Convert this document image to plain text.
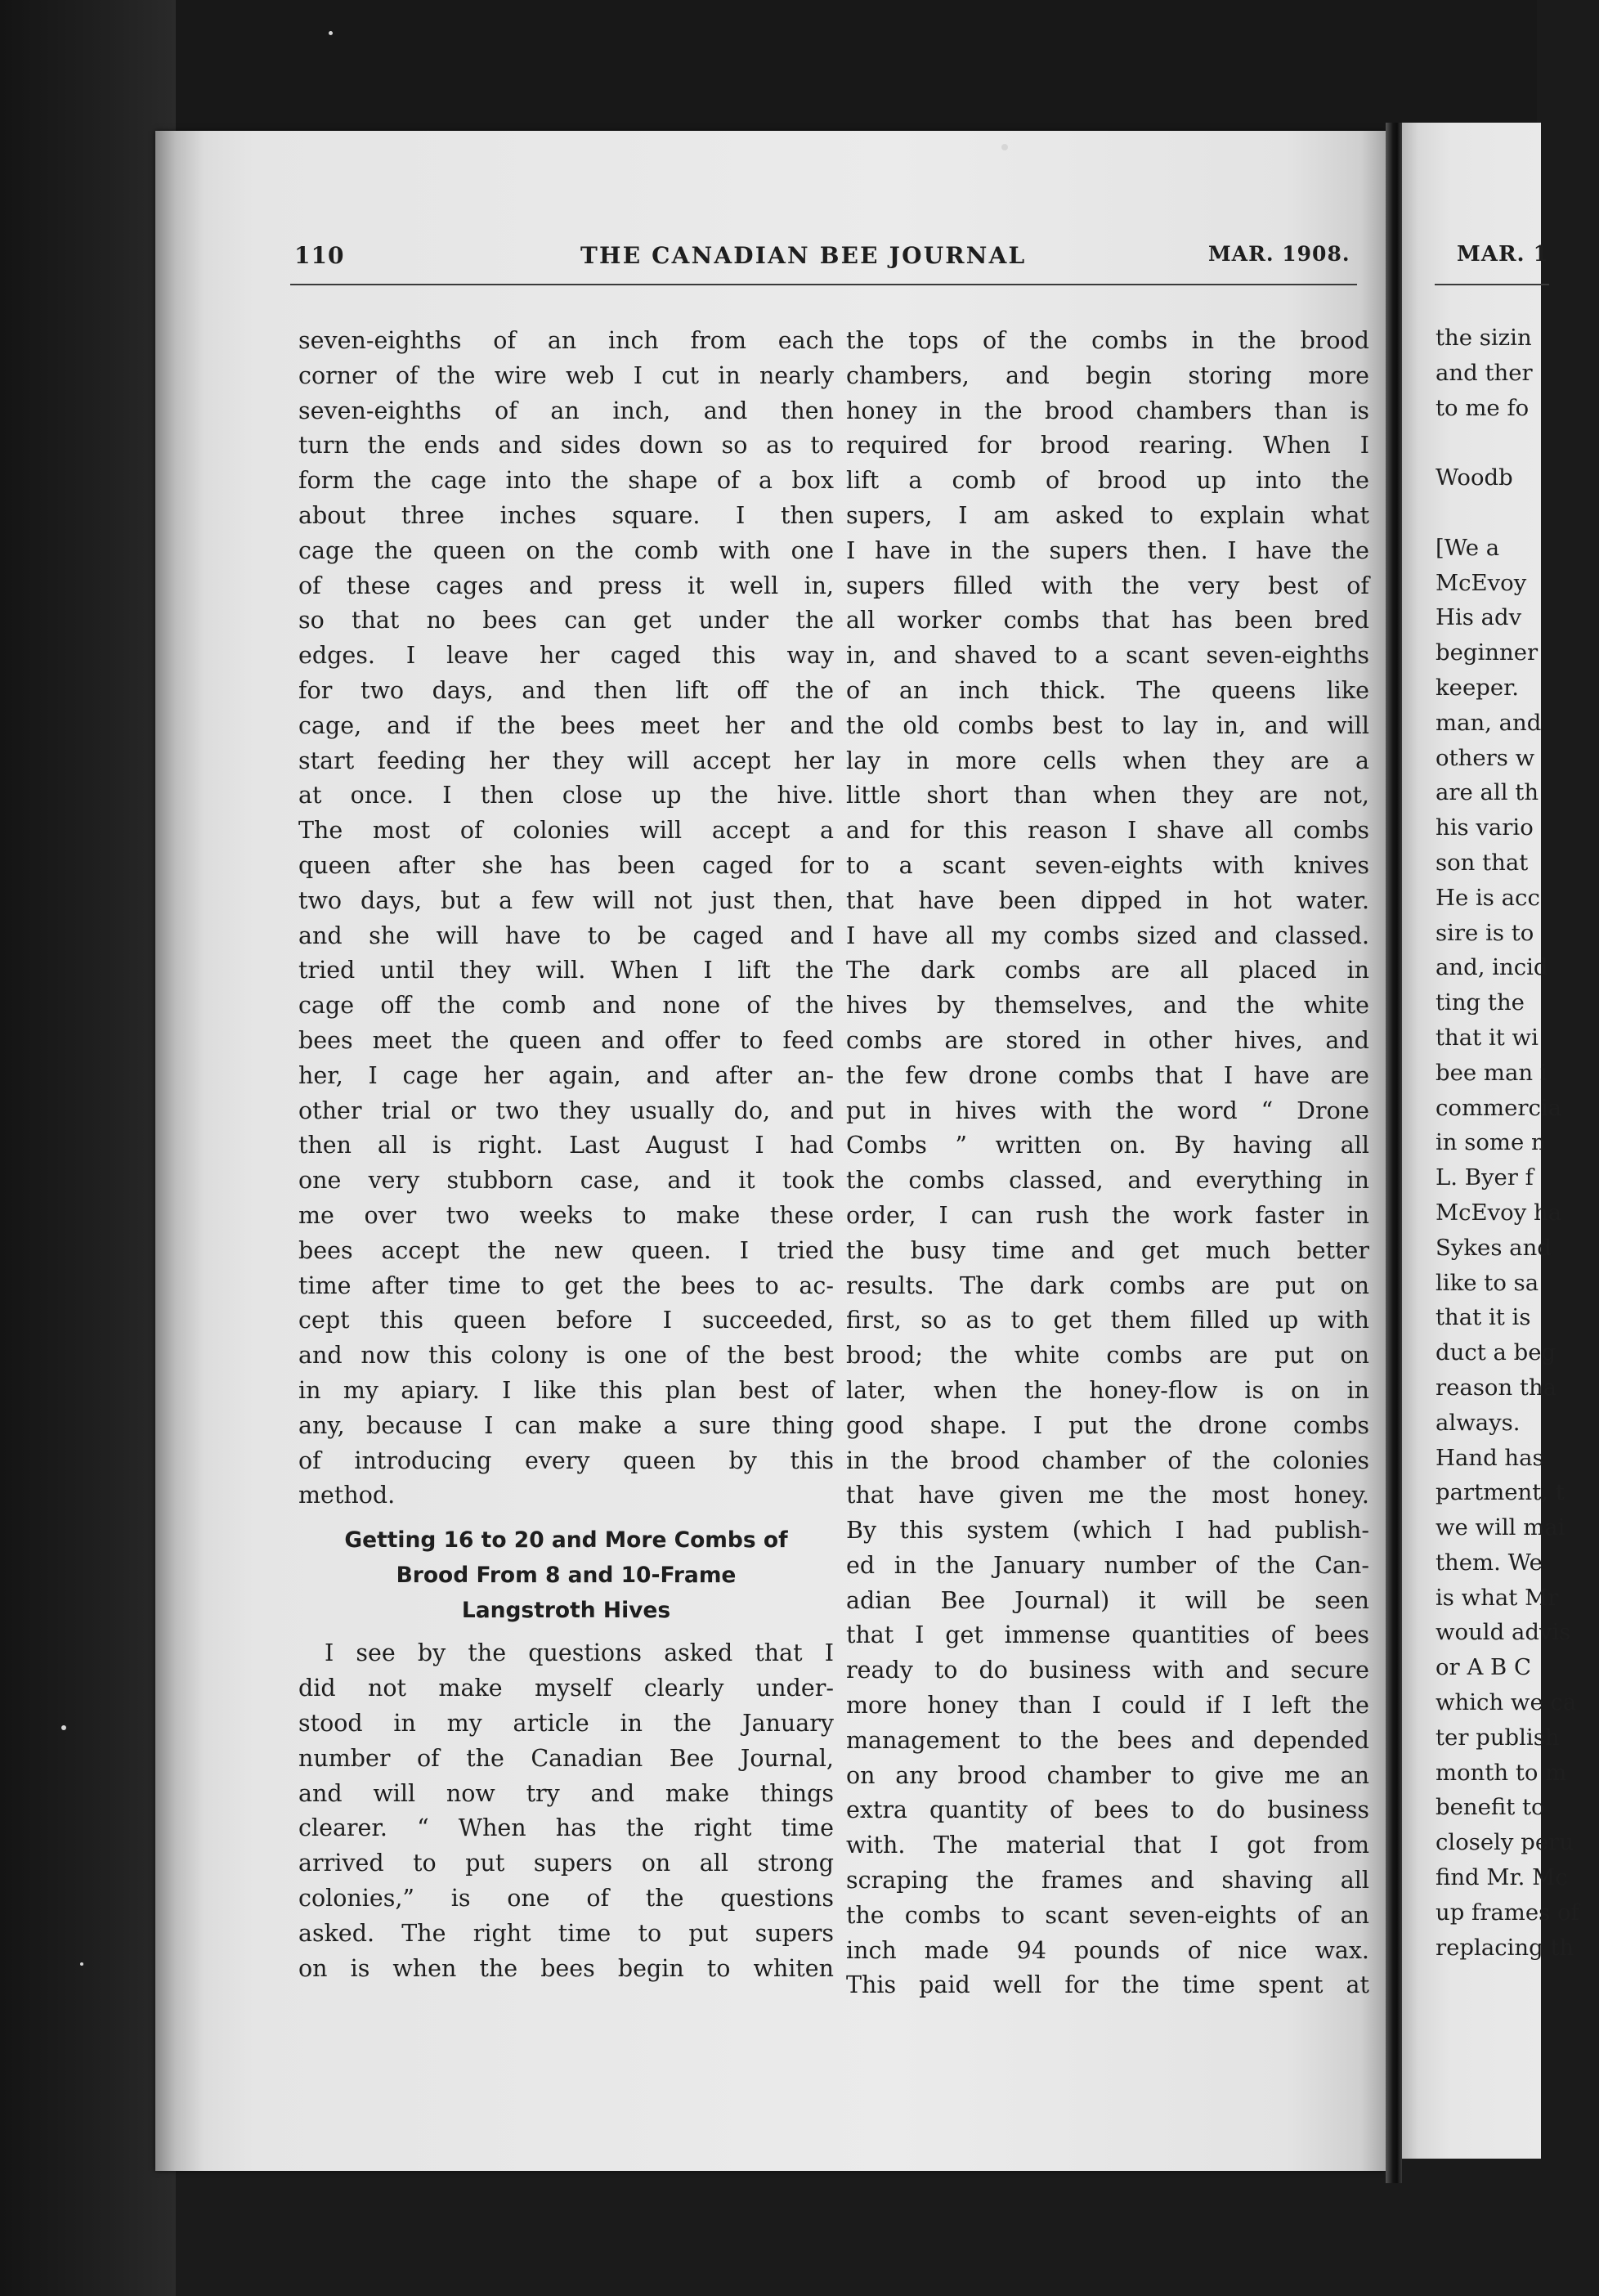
MAR. 1
the sizin
and ther
to me fo
Woodb
[We a
McEvoy
His adv
beginner
keeper.
man, and
others w
are all th
his vario
son that
He is acc
sire is to
and, incid
ting the
that it wi
bee man i
commercia
in some n
L. Byer f
McEvoy ha
Sykes and
like to sa
that it is
duct a beg
reason tha
always.
Hand has
partment, t
we will mai
them. We
is what Mr
would advis
or A B C
which we ca
ter publish
month to m
benefit to
closely peru
find Mr. Mc
up frames of
replacing th
110	THE CANADIAN BEE JOURNAL	MAR. 1908.
seven-eighths of an inch from each
corner of the wire web I cut in nearly
seven-eighths of an inch, and then
turn the ends and sides down so as to
form the cage into the shape of a box
about three inches square. I then
cage the queen on the comb with one
of these cages and press it well in,
so that no bees can get under the
edges. I leave her caged this way
for two days, and then lift off the
cage, and if the bees meet her and
start feeding her they will accept her
at once. I then close up the hive.
The most of colonies will accept a
queen after she has been caged for
two days, but a few will not just then,
and she will have to be caged and
tried until they will. When I lift the
cage off the comb and none of the
bees meet the queen and offer to feed
her, I cage her again, and after an-
other trial or two they usually do, and
then all is right. Last August I had
one very stubborn case, and it took
me over two weeks to make these
bees accept the new queen. I tried
time after time to get the bees to ac-
cept this queen before I succeeded,
and now this colony is one of the best
in my apiary. I like this plan best of
any, because I can make a sure thing
of introducing every queen by this
method.
Getting 16 to 20 and More Combs of
Brood From 8 and 10-Frame
Langstroth Hives
I see by the questions asked that I
did not make myself clearly under-
stood in my article in the January
number of the Canadian Bee Journal,
and will now try and make things
clearer. “ When has the right time
arrived to put supers on all strong
colonies,” is one of the questions
asked. The right time to put supers
on is when the bees begin to whiten
the tops of the combs in the brood
chambers, and begin storing more
honey in the brood chambers than is
required for brood rearing. When I
lift a comb of brood up into the
supers, I am asked to explain what
I have in the supers then. I have the
supers filled with the very best of
all worker combs that has been bred
in, and shaved to a scant seven-eighths
of an inch thick. The queens like
the old combs best to lay in, and will
lay in more cells when they are a
little short than when they are not,
and for this reason I shave all combs
to a scant seven-eights with knives
that have been dipped in hot water.
I have all my combs sized and classed.
The dark combs are all placed in
hives by themselves, and the white
combs are stored in other hives, and
the few drone combs that I have are
put in hives with the word “ Drone
Combs ” written on. By having all
the combs classed, and everything in
order, I can rush the work faster in
the busy time and get much better
results. The dark combs are put on
first, so as to get them filled up with
brood; the white combs are put on
later, when the honey-flow is on in
good shape. I put the drone combs
in the brood chamber of the colonies
that have given me the most honey.
By this system (which I had publish-
ed in the January number of the Can-
adian Bee Journal) it will be seen
that I get immense quantities of bees
ready to do business with and secure
more honey than I could if I left the
management to the bees and depended
on any brood chamber to give me an
extra quantity of bees to do business
with. The material that I got from
scraping the frames and shaving all
the combs to scant seven-eights of an
inch made 94 pounds of nice wax.
This paid well for the time spent at
